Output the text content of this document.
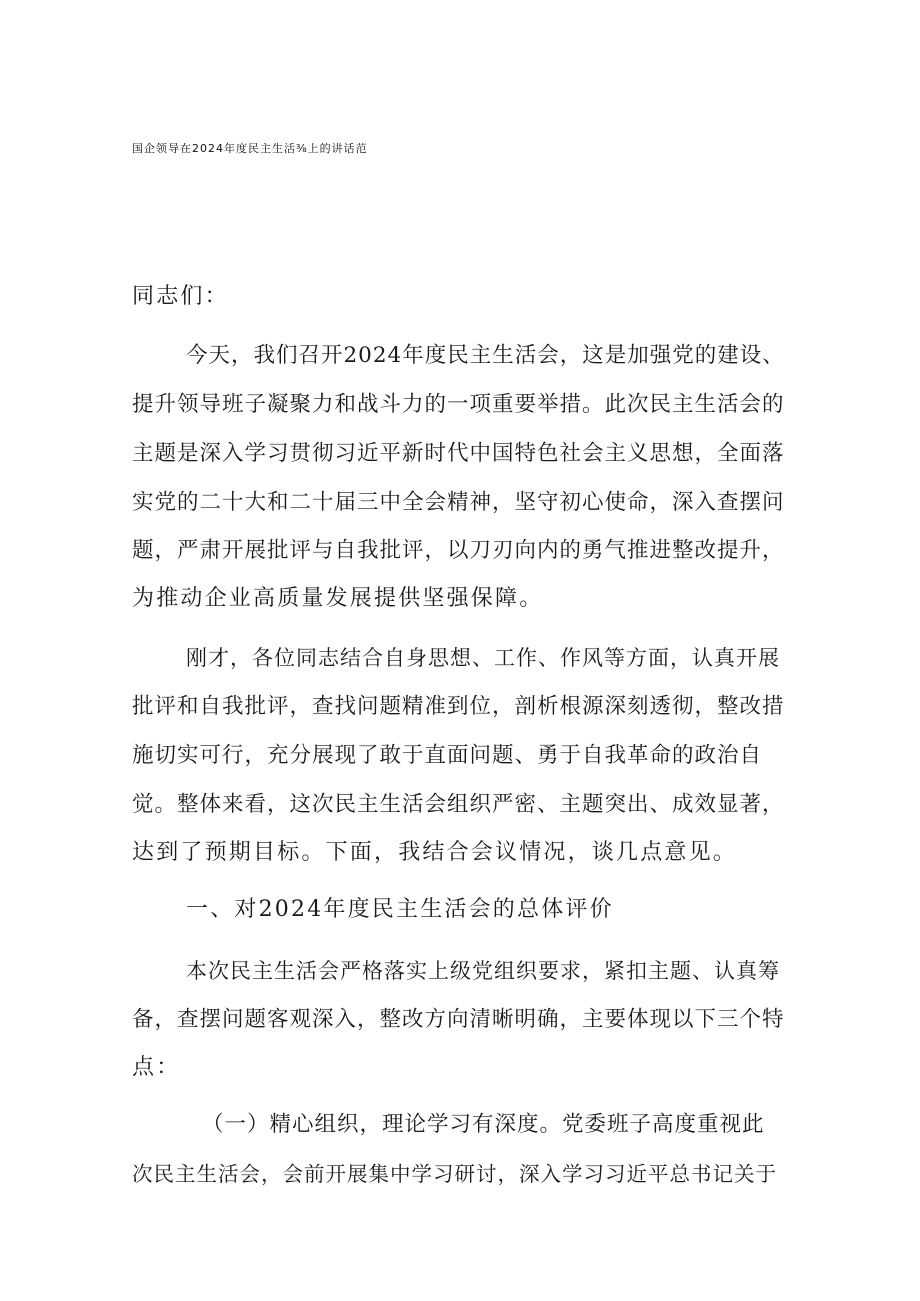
国企领导在2024年度民主生活⅜上的讲话范
同志们：
今天，我们召开2024年度民主生活会，这是加强党的建设、
提升领导班子凝聚力和战斗力的一项重要举措。此次民主生活会的
主题是深入学习贯彻习近平新时代中国特色社会主义思想，全面落
实党的二十大和二十届三中全会精神，坚守初心使命，深入查摆问
题，严肃开展批评与自我批评，以刀刃向内的勇气推进整改提升，
为推动企业高质量发展提供坚强保障。
刚才，各位同志结合自身思想、工作、作风等方面，认真开展
批评和自我批评，查找问题精准到位，剖析根源深刻透彻，整改措
施切实可行，充分展现了敢于直面问题、勇于自我革命的政治自
觉。整体来看，这次民主生活会组织严密、主题突出、成效显著，
达到了预期目标。下面，我结合会议情况，谈几点意见。
一、对2024年度民主生活会的总体评价
本次民主生活会严格落实上级党组织要求，紧扣主题、认真筹
备，查摆问题客观深入，整改方向清晰明确，主要体现以下三个特
点：
（一）精心组织，理论学习有深度。党委班子高度重视此
次民主生活会，会前开展集中学习研讨，深入学习习近平总书记关于
